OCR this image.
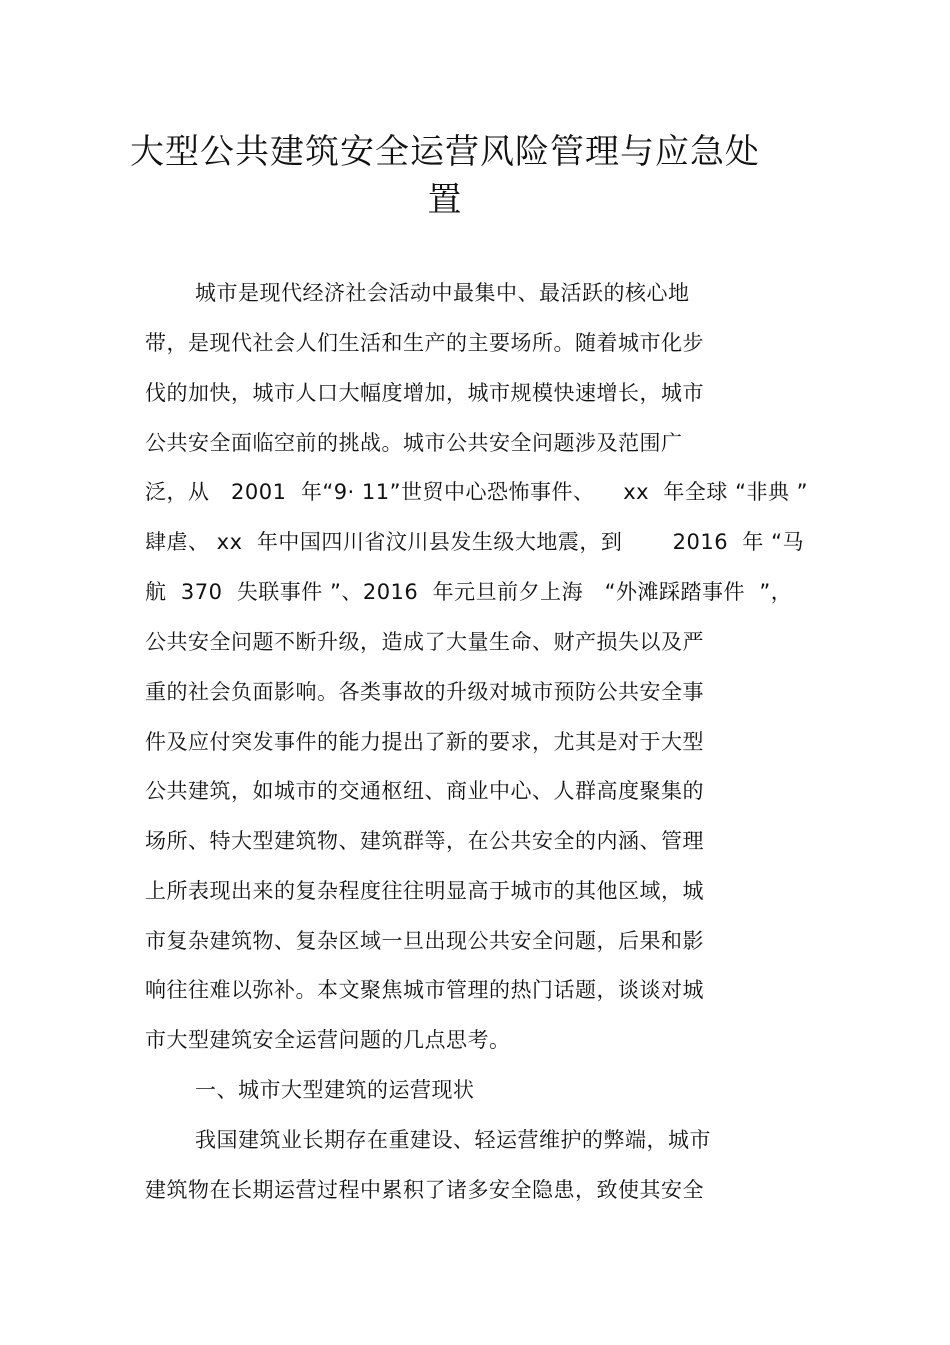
大型公共建筑安全运营风险管理与应急处
置
城市是现代经济社会活动中最集中、最活跃的核心地
带，是现代社会人们生活和生产的主要场所。随着城市化步
伐的加快，城市人口大幅度增加，城市规模快速增长，城市
公共安全面临空前的挑战。城市公共安全问题涉及范围广
泛，从   2001  年“9· 11”世贸中心恐怖事件、    xx  年全球 “非典 ”
肆虐、 xx  年中国四川省汶川县发生级大地震，到       2016  年 “马
航  370  失联事件 ”、2016  年元旦前夕上海   “外滩踩踏事件  ”，
公共安全问题不断升级，造成了大量生命、财产损失以及严
重的社会负面影响。各类事故的升级对城市预防公共安全事
件及应付突发事件的能力提出了新的要求，尤其是对于大型
公共建筑，如城市的交通枢纽、商业中心、人群高度聚集的
场所、特大型建筑物、建筑群等，在公共安全的内涵、管理
上所表现出来的复杂程度往往明显高于城市的其他区域，城
市复杂建筑物、复杂区域一旦出现公共安全问题，后果和影
响往往难以弥补。本文聚焦城市管理的热门话题，谈谈对城
市大型建筑安全运营问题的几点思考。
一、城市大型建筑的运营现状
我国建筑业长期存在重建设、轻运营维护的弊端，城市
建筑物在长期运营过程中累积了诸多安全隐患，致使其安全
